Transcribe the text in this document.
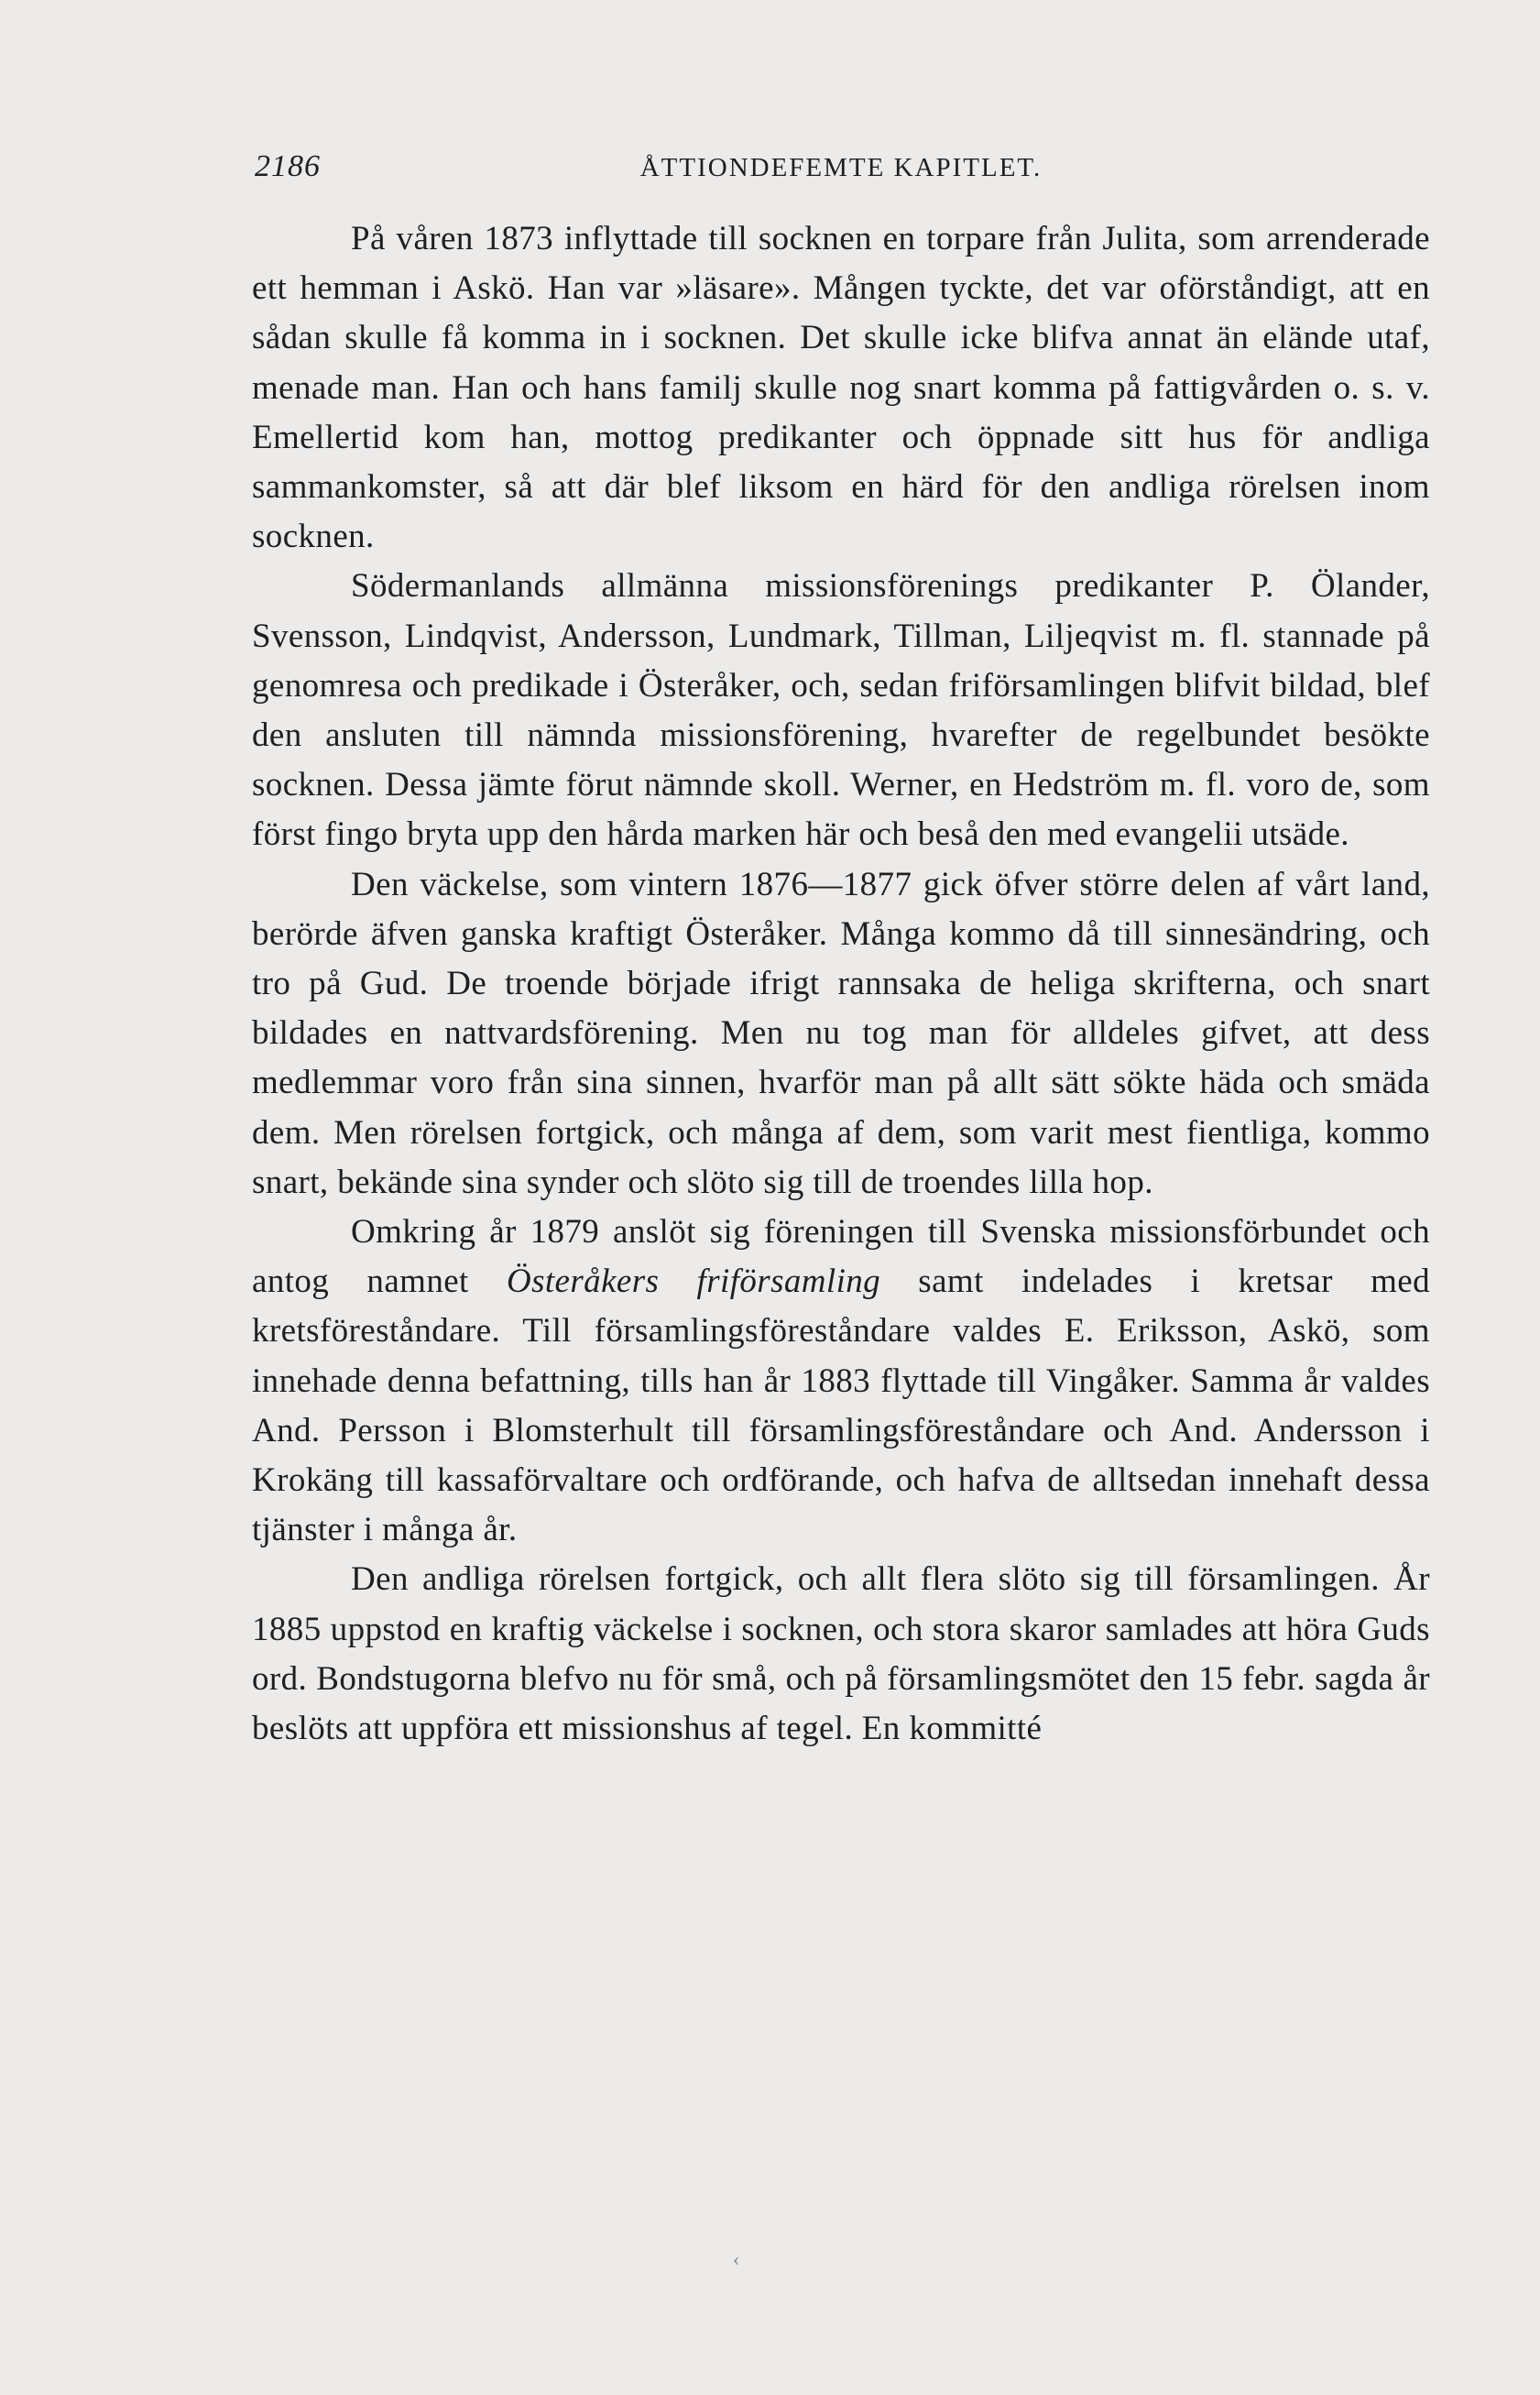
2186	ÅTTIONDEFEMTE KAPITLET.

På våren 1873 inflyttade till socknen en torpare från Julita, som arrenderade ett hemman i Askö. Han var »läsare». Mången tyckte, det var oförståndigt, att en sådan skulle få komma in i socknen. Det skulle icke blifva annat än elände utaf, menade man. Han och hans familj skulle nog snart komma på fattigvården o. s. v. Emellertid kom han, mottog predikanter och öppnade sitt hus för andliga sammankomster, så att där blef liksom en härd för den andliga rörelsen inom socknen.

Södermanlands allmänna missionsförenings predikanter P. Ölander, Svensson, Lindqvist, Andersson, Lundmark, Tillman, Liljeqvist m. fl. stannade på genomresa och predikade i Österåker, och, sedan friförsamlingen blifvit bildad, blef den ansluten till nämnda missionsförening, hvarefter de regelbundet besökte socknen. Dessa jämte förut nämnde skoll. Werner, en Hedström m. fl. voro de, som först fingo bryta upp den hårda marken här och beså den med evangelii utsäde.

Den väckelse, som vintern 1876—1877 gick öfver större delen af vårt land, berörde äfven ganska kraftigt Österåker. Många kommo då till sinnesändring, och tro på Gud. De troende började ifrigt rannsaka de heliga skrifterna, och snart bildades en nattvardsförening. Men nu tog man för alldeles gifvet, att dess medlemmar voro från sina sinnen, hvarför man på allt sätt sökte häda och smäda dem. Men rörelsen fortgick, och många af dem, som varit mest fientliga, kommo snart, bekände sina synder och slöto sig till de troendes lilla hop.

Omkring år 1879 anslöt sig föreningen till Svenska missionsförbundet och antog namnet Österåkers friförsamling samt indelades i kretsar med kretsföreståndare. Till församlingsföreståndare valdes E. Eriksson, Askö, som innehade denna befattning, tills han år 1883 flyttade till Vingåker. Samma år valdes And. Persson i Blomsterhult till församlingsföreståndare och And. Andersson i Krokäng till kassaförvaltare och ordförande, och hafva de alltsedan innehaft dessa tjänster i många år.

Den andliga rörelsen fortgick, och allt flera slöto sig till församlingen. År 1885 uppstod en kraftig väckelse i socknen, och stora skaror samlades att höra Guds ord. Bondstugorna blefvo nu för små, och på församlingsmötet den 15 febr. sagda år beslöts att uppföra ett missionshus af tegel. En kommitté

‹
